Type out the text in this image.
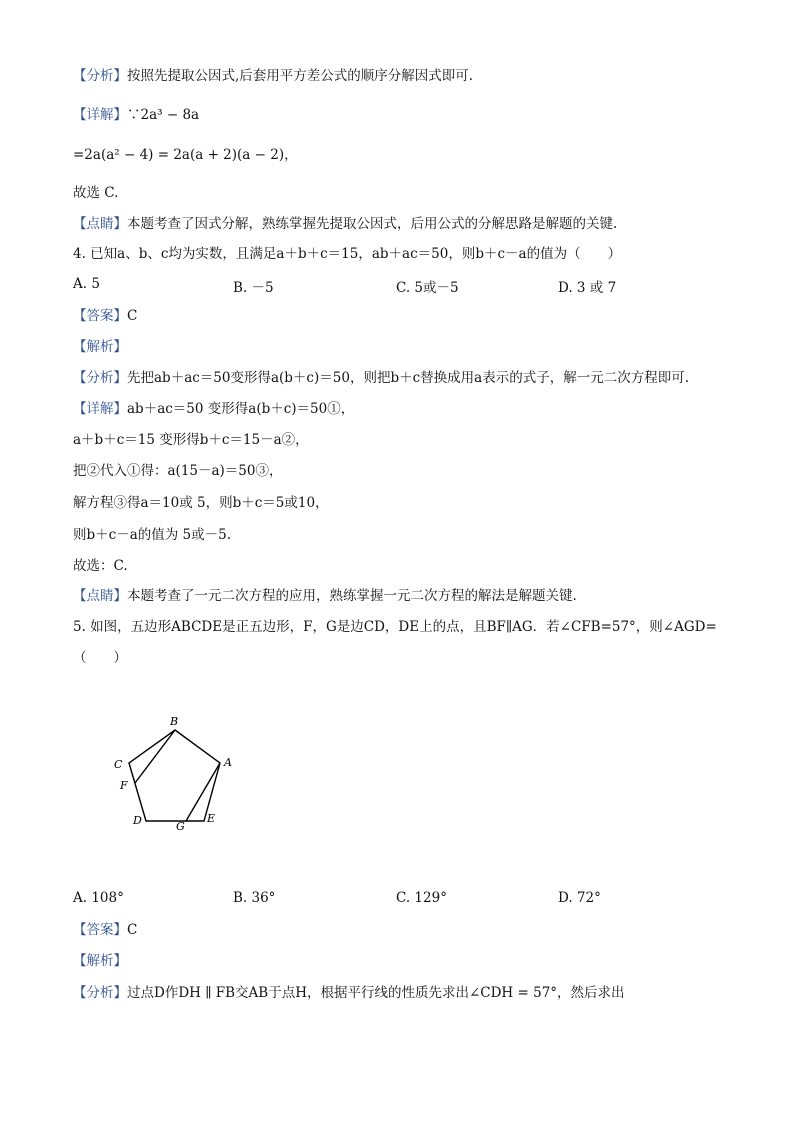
【分析】按照先提取公因式,后套用平方差公式的顺序分解因式即可.
【详解】∵2a³ − 8a
=2a(a² − 4) = 2a(a + 2)(a − 2)，
故选 C.
【点睛】本题考查了因式分解，熟练掌握先提取公因式，后用公式的分解思路是解题的关键.
4. 已知a、b、c均为实数，且满足a＋b＋c＝15，ab＋ac＝50，则b＋c－a的值为（　　）
A. 5	B. －5	C. 5或－5	D. 3 或 7
【答案】C
【解析】
【分析】先把ab＋ac＝50变形得a(b＋c)＝50，则把b＋c替换成用a表示的式子，解一元二次方程即可.
【详解】ab＋ac＝50 变形得a(b＋c)＝50①，
a＋b＋c＝15 变形得b＋c＝15－a②，
把②代入①得：a(15－a)＝50③，
解方程③得a＝10或 5，则b＋c＝5或10，
则b＋c－a的值为 5或－5.
故选：C.
【点睛】本题考查了一元二次方程的应用，熟练掌握一元二次方程的解法是解题关键.
5. 如图，五边形ABCDE是正五边形，F，G是边CD，DE上的点，且BF∥AG．若∠CFB=57°，则∠AGD=
（　　）
B
C	A
F
D	G
E
A. 108°	B. 36°	C. 129°	D. 72°
【答案】C
【解析】
【分析】过点D作DH ∥ FB交AB于点H，根据平行线的性质先求出∠CDH = 57°，然后求出
